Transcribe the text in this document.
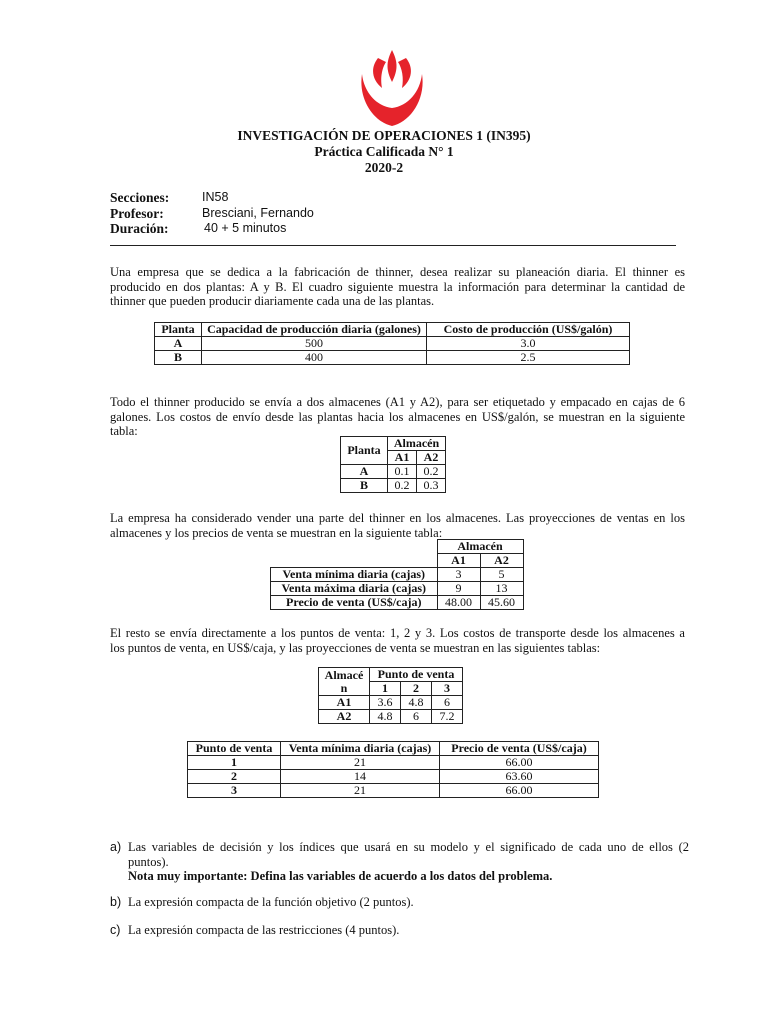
INVESTIGACIÓN DE OPERACIONES 1 (IN395)
Práctica Calificada N° 1
2020-2
Secciones:	IN58
Profesor:	Bresciani, Fernando
Duración:	40 + 5 minutos
Una empresa que se dedica a la fabricación de thinner, desea realizar su planeación diaria. El thinner es
producido en dos plantas: A y B. El cuadro siguiente muestra la información para determinar la cantidad de
thinner que pueden producir diariamente cada una de las plantas.
Planta	Capacidad de producción diaria (galones)	Costo de producción (US$/galón)
A	500	3.0
B	400	2.5
Todo el thinner producido se envía a dos almacenes (A1 y A2), para ser etiquetado y empacado en cajas de 6
galones. Los costos de envío desde las plantas hacia los almacenes en US$/galón, se muestran en la siguiente
tabla:
Planta	Almacén	
	A1	A2
A	0.1	0.2
B	0.2	0.3
La empresa ha considerado vender una parte del thinner en los almacenes. Las proyecciones de ventas en los
almacenes y los precios de venta se muestran en la siguiente tabla:
	Almacén	
	A1	A2
Venta mínima diaria (cajas)	3	5
Venta máxima diaria (cajas)	9	13
Precio de venta (US$/caja)	48.00	45.60
El resto se envía directamente a los puntos de venta: 1, 2 y 3. Los costos de transporte desde los almacenes a
los puntos de venta, en US$/caja, y las proyecciones de venta se muestran en las siguientes tablas:
Almacé
n	Punto de venta		
	1	2	3
A1	3.6	4.8	6
A2	4.8	6	7.2
Punto de venta	Venta mínima diaria (cajas)	Precio de venta (US$/caja)
1	21	66.00
2	14	63.60
3	21	66.00
a) Las variables de decisión y los índices que usará en su modelo y el significado de cada uno de ellos (2
puntos).
Nota muy importante: Defina las variables de acuerdo a los datos del problema.
b) La expresión compacta de la función objetivo (2 puntos).
c) La expresión compacta de las restricciones (4 puntos).
